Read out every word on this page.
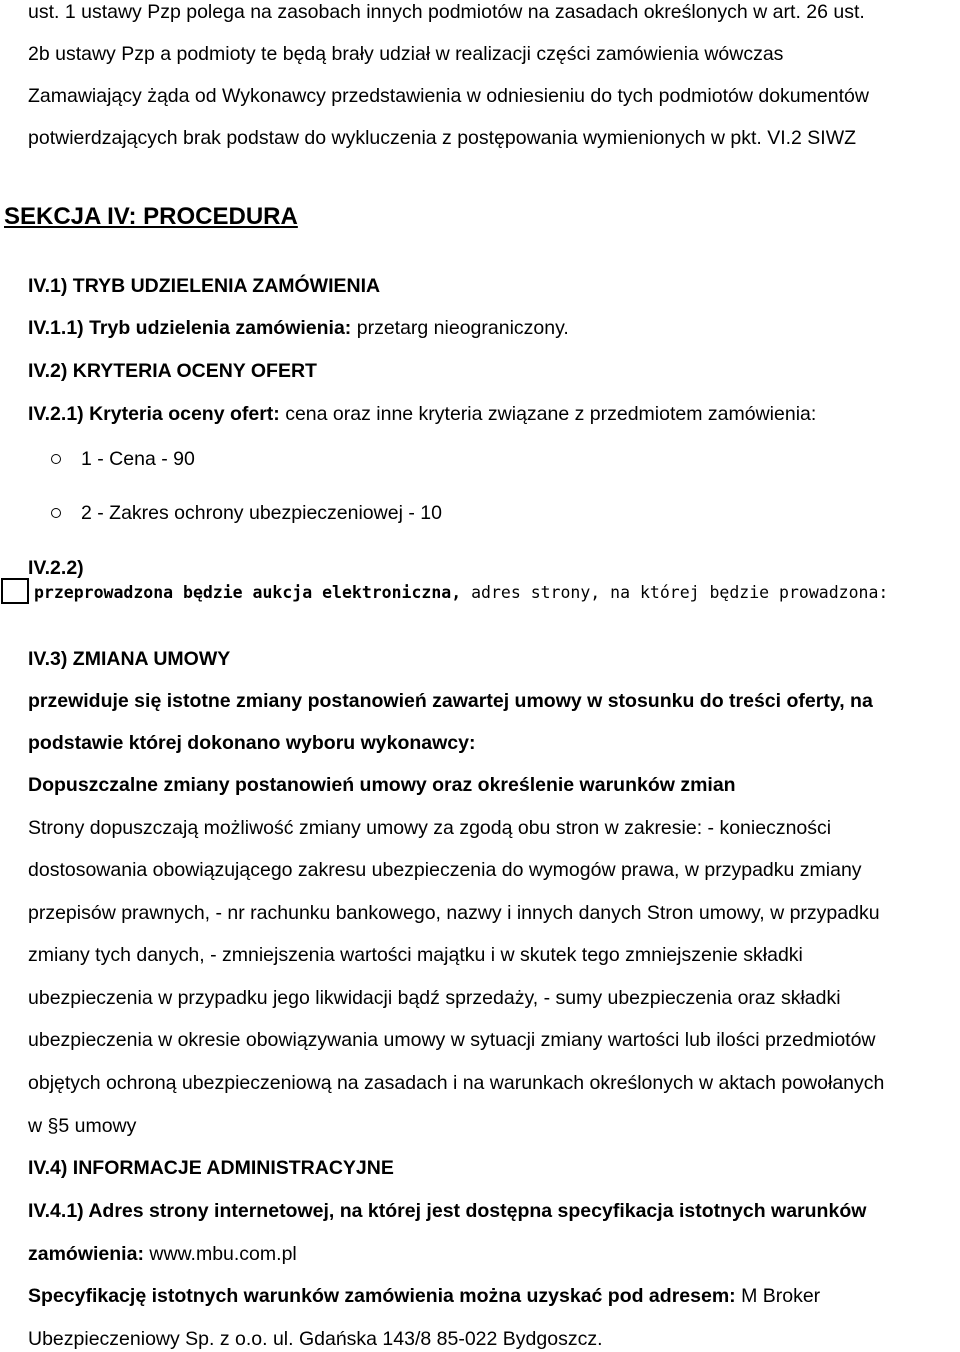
ust. 1 ustawy Pzp polega na zasobach innych podmiotów na zasadach określonych w art. 26 ust.
2b ustawy Pzp a podmioty te będą brały udział w realizacji części zamówienia wówczas
Zamawiający żąda od Wykonawcy przedstawienia w odniesieniu do tych podmiotów dokumentów
potwierdzających brak podstaw do wykluczenia z postępowania wymienionych w pkt. VI.2 SIWZ
SEKCJA IV: PROCEDURA
IV.1) TRYB UDZIELENIA ZAMÓWIENIA
IV.1.1) Tryb udzielenia zamówienia: przetarg nieograniczony.
IV.2) KRYTERIA OCENY OFERT
IV.2.1) Kryteria oceny ofert: cena oraz inne kryteria związane z przedmiotem zamówienia:
1 - Cena - 90
2 - Zakres ochrony ubezpieczeniowej - 10
IV.2.2)
przeprowadzona będzie aukcja elektroniczna, adres strony, na której będzie prowadzona:
IV.3) ZMIANA UMOWY
przewiduje się istotne zmiany postanowień zawartej umowy w stosunku do treści oferty, na
podstawie której dokonano wyboru wykonawcy:
Dopuszczalne zmiany postanowień umowy oraz określenie warunków zmian
Strony dopuszczają możliwość zmiany umowy za zgodą obu stron w zakresie: - konieczności
dostosowania obowiązującego zakresu ubezpieczenia do wymogów prawa, w przypadku zmiany
przepisów prawnych, - nr rachunku bankowego, nazwy i innych danych Stron umowy, w przypadku
zmiany tych danych, - zmniejszenia wartości majątku i w skutek tego zmniejszenie składki
ubezpieczenia w przypadku jego likwidacji bądź sprzedaży, - sumy ubezpieczenia oraz składki
ubezpieczenia w okresie obowiązywania umowy w sytuacji zmiany wartości lub ilości przedmiotów
objętych ochroną ubezpieczeniową na zasadach i na warunkach określonych w aktach powołanych
w §5 umowy
IV.4) INFORMACJE ADMINISTRACYJNE
IV.4.1) Adres strony internetowej, na której jest dostępna specyfikacja istotnych warunków
zamówienia: www.mbu.com.pl
Specyfikację istotnych warunków zamówienia można uzyskać pod adresem: M Broker
Ubezpieczeniowy Sp. z o.o. ul. Gdańska 143/8 85-022 Bydgoszcz.
